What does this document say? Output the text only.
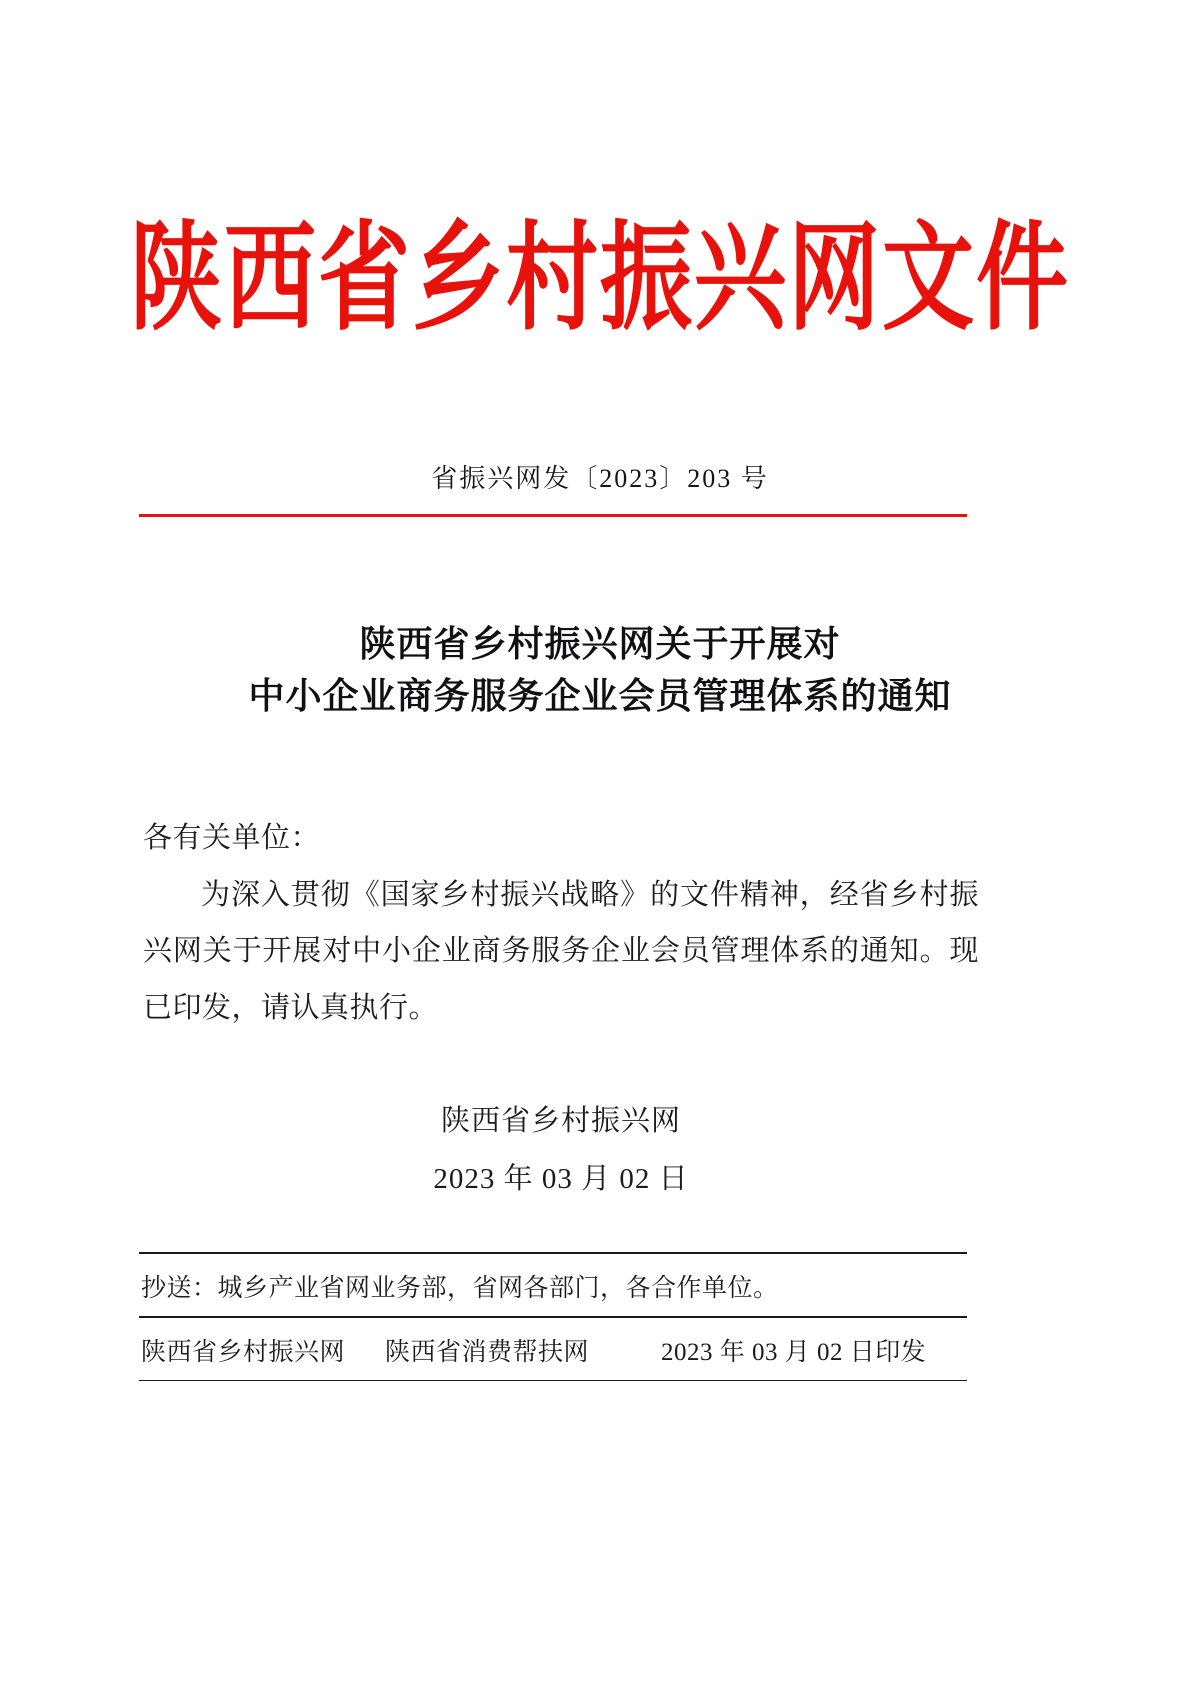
陕西省乡村振兴网文件
省振兴网发〔2023〕203 号
陕西省乡村振兴网关于开展对
中小企业商务服务企业会员管理体系的通知
各有关单位：
为深入贯彻《国家乡村振兴战略》的文件精神，经省乡村振兴网关于开展对中小企业商务服务企业会员管理体系的通知。现已印发，请认真执行。
陕西省乡村振兴网
2023 年 03 月 02 日
抄送：城乡产业省网业务部，省网各部门，各合作单位。
陕西省乡村振兴网 陕西省消费帮扶网	2023 年 03 月 02 日印发
